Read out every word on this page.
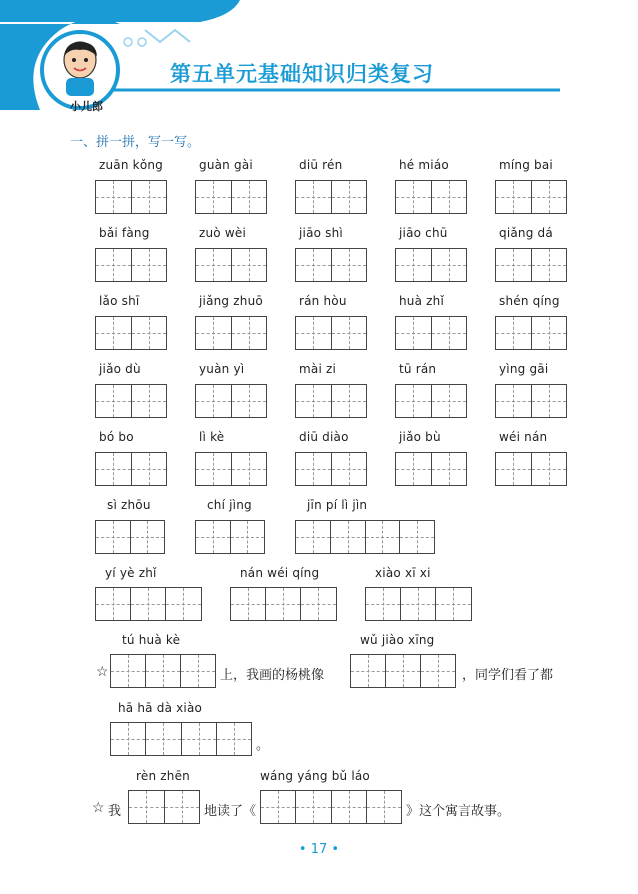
第五单元基础知识归类复习
小儿郎
一、拼一拼，写一写。
zuān kǒng	guàn gài	diū rén	hé miáo	míng bai
bǎi fàng	zuò wèi	jiāo shì	jiāo chū	qiǎng dá
lǎo shī	jiǎng zhuō	rán hòu	huà zhǐ	shén qíng
jiǎo dù	yuàn yì	mài zi	tū rán	yìng gāi
bó bo	lì kè	diū diào	jiǎo bù	wéi nán
sì zhōu	chí jìng	jīn pí lì jìn
yí yè zhǐ	nán wéi qíng	xiào xī xi
tú huà kè	wǔ jiào xīng
☆	上，我画的杨桃像	，同学们看了都
hā hā dà xiào
。
rèn zhēn	wáng yáng bǔ láo
☆ 我	地读了《	》这个寓言故事。
• 17 •
